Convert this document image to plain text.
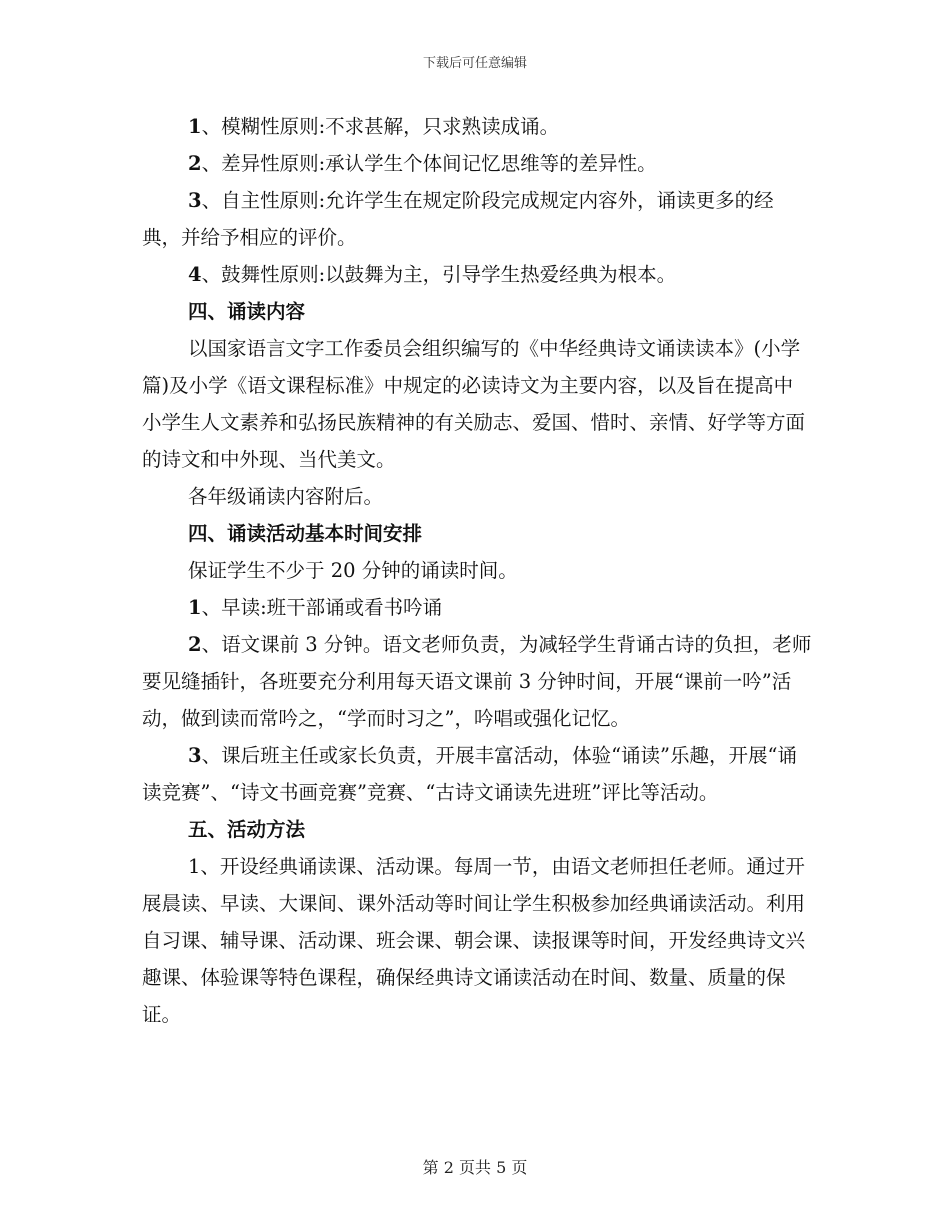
下载后可任意编辑

1、模糊性原则:不求甚解，只求熟读成诵。

2、差异性原则:承认学生个体间记忆思维等的差异性。

3、自主性原则:允许学生在规定阶段完成规定内容外，诵读更多的经典，并给予相应的评价。

4、鼓舞性原则:以鼓舞为主，引导学生热爱经典为根本。

四、诵读内容

以国家语言文字工作委员会组织编写的《中华经典诗文诵读读本》(小学篇)及小学《语文课程标准》中规定的必读诗文为主要内容，以及旨在提高中小学生人文素养和弘扬民族精神的有关励志、爱国、惜时、亲情、好学等方面的诗文和中外现、当代美文。

各年级诵读内容附后。

四、诵读活动基本时间安排

保证学生不少于 20 分钟的诵读时间。

1、早读:班干部诵或看书吟诵

2、语文课前 3 分钟。语文老师负责，为减轻学生背诵古诗的负担，老师要见缝插针，各班要充分利用每天语文课前 3 分钟时间，开展“课前一吟”活动，做到读而常吟之，“学而时习之”，吟唱或强化记忆。

3、课后班主任或家长负责，开展丰富活动，体验“诵读”乐趣，开展“诵读竞赛”、“诗文书画竞赛”竞赛、“古诗文诵读先进班”评比等活动。

五、活动方法

1、开设经典诵读课、活动课。每周一节，由语文老师担任老师。通过开展晨读、早读、大课间、课外活动等时间让学生积极参加经典诵读活动。利用自习课、辅导课、活动课、班会课、朝会课、读报课等时间，开发经典诗文兴趣课、体验课等特色课程，确保经典诗文诵读活动在时间、数量、质量的保证。

第 2 页共 5 页
